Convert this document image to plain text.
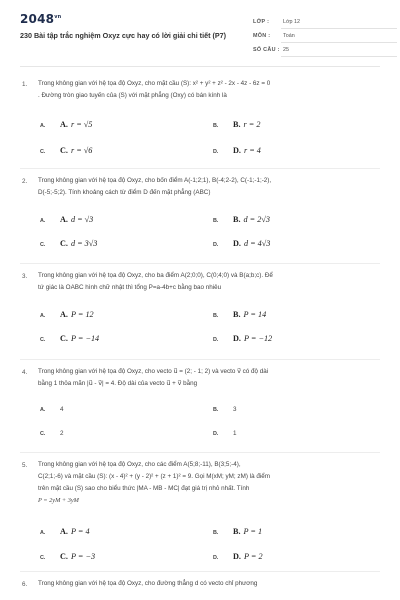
$2048^{vn}$
230 Bài tập trắc nghiệm Oxyz cực hay có lời giải chi tiết (P7)
LỚP :	Lớp 12
MÔN : Toán
SỐ CÂU : 25
1. Trong không gian với hệ tọa độ Oxyz, cho mặt cầu (S): x² + y² + z² - 2x - 4z - 6z = 0
. Đường tròn giao tuyến của (S) với mặt phẳng (Oxy) có bán kính là
A. A. r = √5	B. B. r = 2
C. C. r = √6	D. D. r = 4
2. Trong không gian với hệ tọa độ Oxyz, cho bốn điểm A(-1;2;1), B(-4;2-2), C(-1;-1;-2),
D(-5;-5;2). Tính khoảng cách từ điểm D đến mặt phẳng (ABC)
A. A. d = √3	B. B. d = 2√3
C. C. d = 3√3	D. D. d = 4√3
3. Trong không gian với hệ tọa độ Oxyz, cho ba điểm A(2;0;0), C(0;4;0) và B(a;b;c). Để
tứ giác là OABC hình chữ nhật thì tổng P=a-4b+c bằng bao nhiêu
A. A. P = 12	B. B. P = 14
C. C. P = −14	D. D. P = −12
4. Trong không gian với hệ tọa độ Oxyz, cho vecto u⃗ = (2; - 1; 2) và vecto v⃗ có độ dài
bằng 1 thỏa mãn |u⃗ - v⃗| = 4. Độ dài của vecto u⃗ + v⃗ bằng
A. 4	B. 3
C. 2	D. 1
5. Trong không gian với hệ tọa độ Oxyz, cho các điểm A(5;8;-11), B(3;5;-4),
C(2;1;-6) và mặt cầu (S): (x - 4)² + (y - 2)² + (z + 1)² = 9. Gọi M(xM; yM; zM) là điểm
trên mặt cầu (S) sao cho biểu thức |MA - MB - MC| đạt giá trị nhỏ nhất. Tính
P = 2yM + 3yM
A. A. P = 4	B. B. P = 1
C. C. P = −3	D. D. P = 2
6. Trong không gian với hệ tọa độ Oxyz, cho đường thẳng d có vecto chỉ phương
